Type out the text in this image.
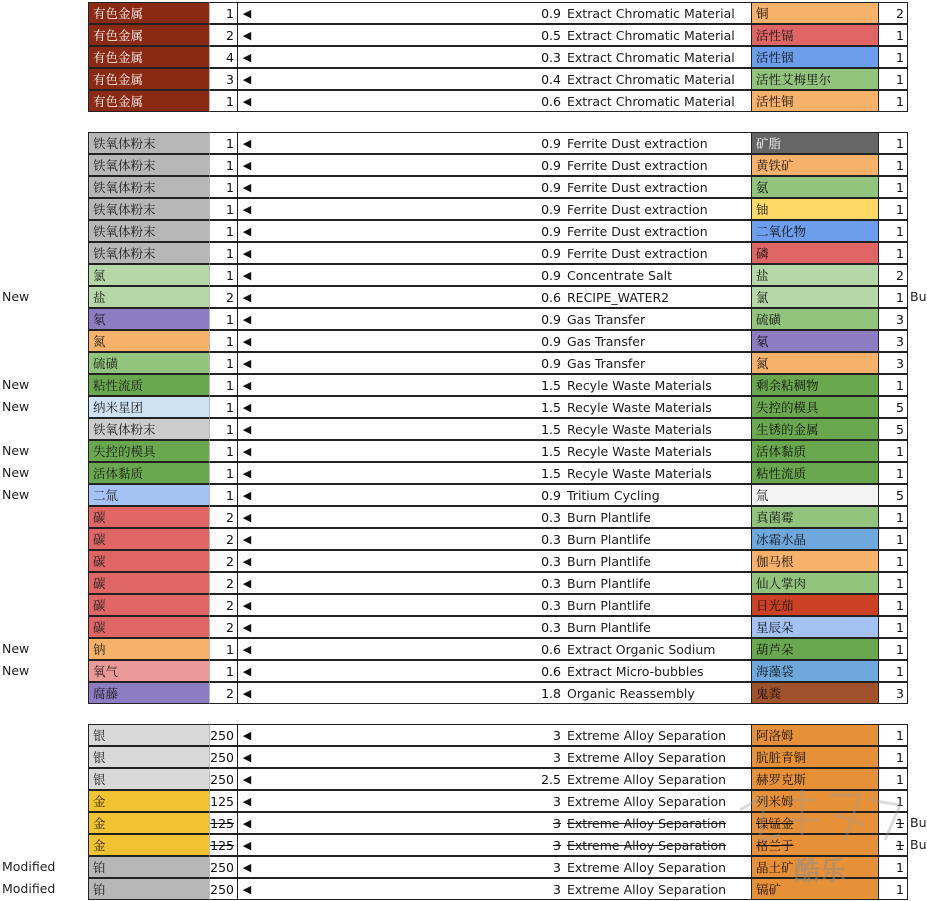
有色金属	1 ◀	0.9 Extract Chromatic Material	铜	2
有色金属	2 ◀	0.5 Extract Chromatic Material	活性镉	1
有色金属	4 ◀	0.3 Extract Chromatic Material	活性铟	1
有色金属	3 ◀	0.4 Extract Chromatic Material	活性艾梅里尔	1
有色金属	1 ◀	0.6 Extract Chromatic Material	活性铜	1
铁氧体粉末	1 ◀	0.9 Ferrite Dust extraction	矿脂	1
铁氧体粉末	1 ◀	0.9 Ferrite Dust extraction	黄铁矿	1
铁氧体粉末	1 ◀	0.9 Ferrite Dust extraction	氨	1
铁氧体粉末	1 ◀	0.9 Ferrite Dust extraction	铀	1
铁氧体粉末	1 ◀	0.9 Ferrite Dust extraction	二氧化物	1
铁氧体粉末	1 ◀	0.9 Ferrite Dust extraction	磷	1
氯	1 ◀	0.9 Concentrate Salt	盐	2
New	盐	2 ◀	0.6 RECIPE_WATER2	氯	1 Bu
氡	1 ◀	0.9 Gas Transfer	硫磺	3
氮	1 ◀	0.9 Gas Transfer	氡	3
硫磺	1 ◀	0.9 Gas Transfer	氮	3
New	粘性流质	1 ◀	1.5 Recyle Waste Materials	剩余粘稠物	1
New	纳米星团	1 ◀	1.5 Recyle Waste Materials	失控的模具	5
铁氧体粉末	1 ◀	1.5 Recyle Waste Materials	生锈的金属	5
New	失控的模具	1 ◀	1.5 Recyle Waste Materials	活体黏质	1
New	活体黏质	1 ◀	1.5 Recyle Waste Materials	粘性流质	1
New	二氚	1 ◀	0.9 Tritium Cycling	氚	5
碳	2 ◀	0.3 Burn Plantlife	真菌霉	1
碳	2 ◀	0.3 Burn Plantlife	冰霜水晶	1
碳	2 ◀	0.3 Burn Plantlife	伽马根	1
碳	2 ◀	0.3 Burn Plantlife	仙人掌肉	1
碳	2 ◀	0.3 Burn Plantlife	日光茄	1
碳	2 ◀	0.3 Burn Plantlife	星辰朵	1
New	钠	1 ◀	0.6 Extract Organic Sodium	葫芦朵	1
New	氧气	1 ◀	0.6 Extract Micro-bubbles	海藻袋	1
腐藤	2 ◀	1.8 Organic Reassembly	鬼粪	3
银	250 ◀	3 Extreme Alloy Separation	阿洛姆	1
银	250 ◀	3 Extreme Alloy Separation	肮脏青铜	1
银	250 ◀	2.5 Extreme Alloy Separation	赫罗克斯	1
金	125 ◀	3 Extreme Alloy Separation	列米姆	1
金	125 ◀	3 Extreme Alloy Separation	镍锰金	1 Bu
金	125 ◀	3 Extreme Alloy Separation	格兰于	1 Bu
Modified	铂	250 ◀	3 Extreme Alloy Separation	晶土矿	1
Modified	铂	250 ◀	3 Extreme Alloy Separation	镉矿	1
酷乐
